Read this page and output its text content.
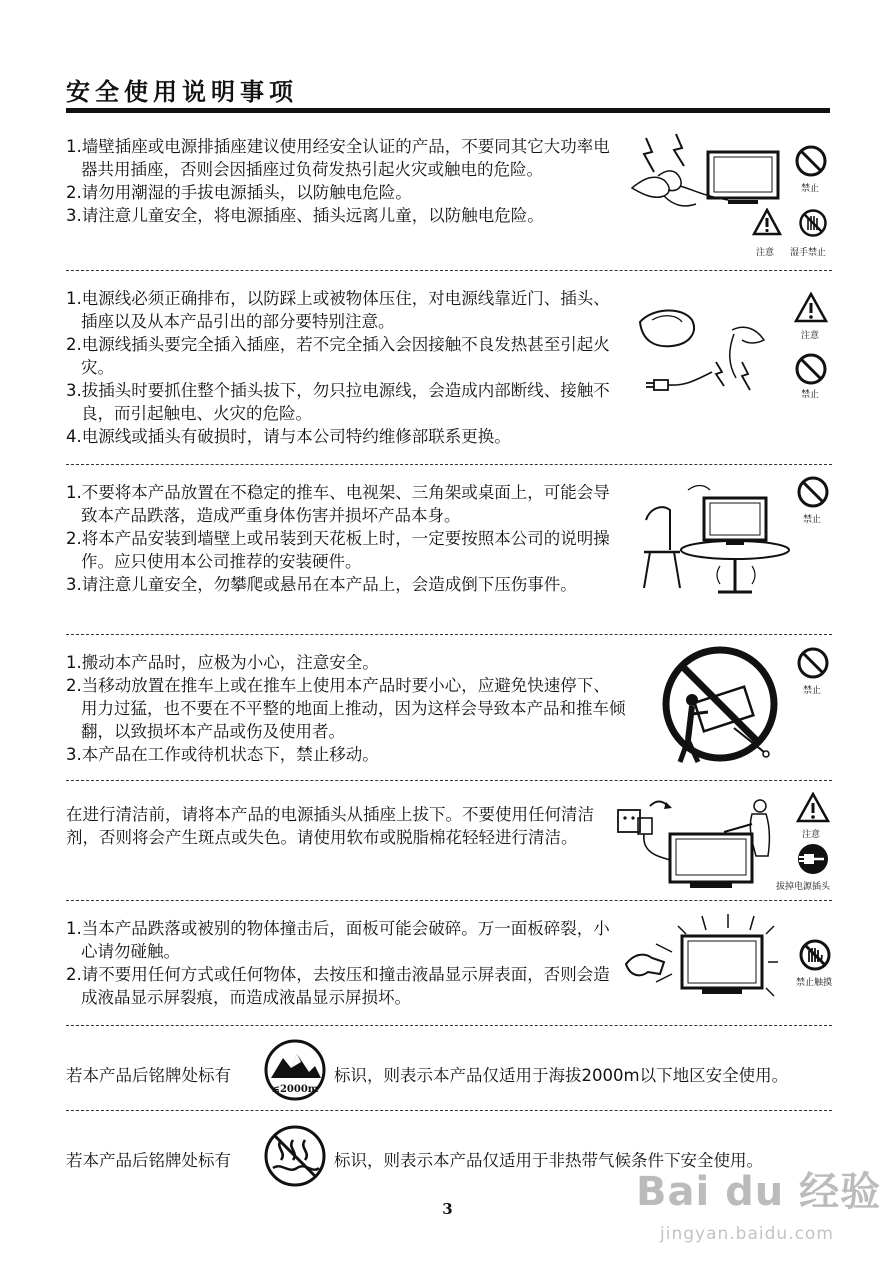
安全使用说明事项

1.墙壁插座或电源排插座建议使用经安全认证的产品，不要同其它大功率电器共用插座，否则会因插座过负荷发热引起火灾或触电的危险。

2.请勿用潮湿的手拔电源插头，以防触电危险。

3.请注意儿童安全，将电源插座、插头远离儿童，以防触电危险。

禁止
注意 湿手禁止

1.电源线必须正确排布，以防踩上或被物体压住，对电源线靠近门、插头、插座以及从本产品引出的部分要特别注意。

2.电源线插头要完全插入插座，若不完全插入会因接触不良发热甚至引起火灾。

3.拔插头时要抓住整个插头拔下，勿只拉电源线，会造成内部断线、接触不良，而引起触电、火灾的危险。

4.电源线或插头有破损时，请与本公司特约维修部联系更换。

注意
禁止

1.不要将本产品放置在不稳定的推车、电视架、三角架或桌面上，可能会导致本产品跌落，造成严重身体伤害并损坏产品本身。

2.将本产品安装到墙壁上或吊装到天花板上时，一定要按照本公司的说明操作。应只使用本公司推荐的安装硬件。

3.请注意儿童安全，勿攀爬或悬吊在本产品上，会造成倒下压伤事件。

禁止

1.搬动本产品时，应极为小心，注意安全。

2.当移动放置在推车上或在推车上使用本产品时要小心，应避免快速停下、用力过猛，也不要在不平整的地面上推动，因为这样会导致本产品和推车倾翻，以致损坏本产品或伤及使用者。

3.本产品在工作或待机状态下，禁止移动。

禁止

在进行清洁前，请将本产品的电源插头从插座上拔下。不要使用任何清洁剂，否则将会产生斑点或失色。请使用软布或脱脂棉花轻轻进行清洁。	注意
拔掉电源插头

1.当本产品跌落或被别的物体撞击后，面板可能会破碎。万一面板碎裂，小心请勿碰触。

2.请不要用任何方式或任何物体，去按压和撞击液晶显示屏表面，否则会造成液晶显示屏裂痕，而造成液晶显示屏损坏。

禁止触摸
若本产品后铭牌处标有
≤2000m
标识，则表示本产品仅适用于海拔2000m以下地区安全使用。
若本产品后铭牌处标有	标识，则表示本产品仅适用于非热带气候条件下安全使用。
3	Bai du 经验
jingyan.baidu.com
